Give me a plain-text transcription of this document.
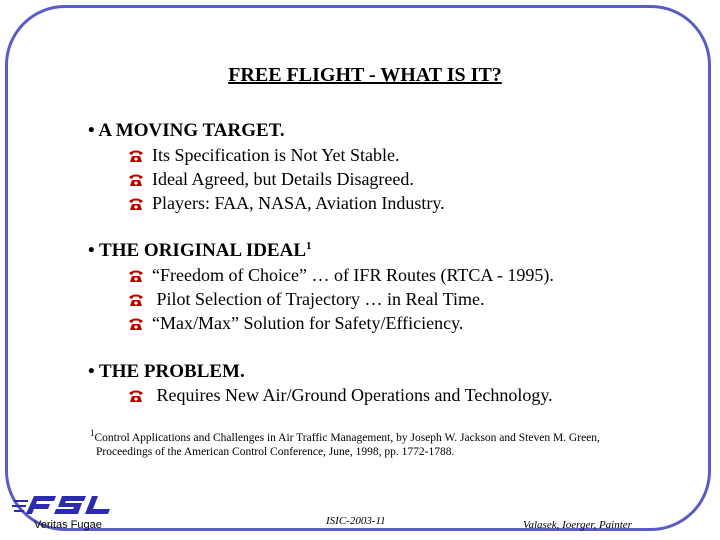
FREE FLIGHT - WHAT IS IT?
• A MOVING TARGET.
Its Specification is Not Yet Stable.
Ideal Agreed, but Details Disagreed.
Players: FAA, NASA, Aviation Industry.
• THE ORIGINAL IDEAL$^1$
“Freedom of Choice” … of IFR Routes (RTCA - 1995).
Pilot Selection of Trajectory … in Real Time.
“Max/Max” Solution for Safety/Efficiency.
• THE PROBLEM.
Requires New Air/Ground Operations and Technology.
$^1$Control Applications and Challenges in Air Traffic Management, by Joseph W. Jackson and Steven M. Green,
Proceedings of the American Control Conference, June, 1998, pp. 1772-1788.
Veritas Fugae	ISIC-2003-11	Valasek, Ioerger, Painter
